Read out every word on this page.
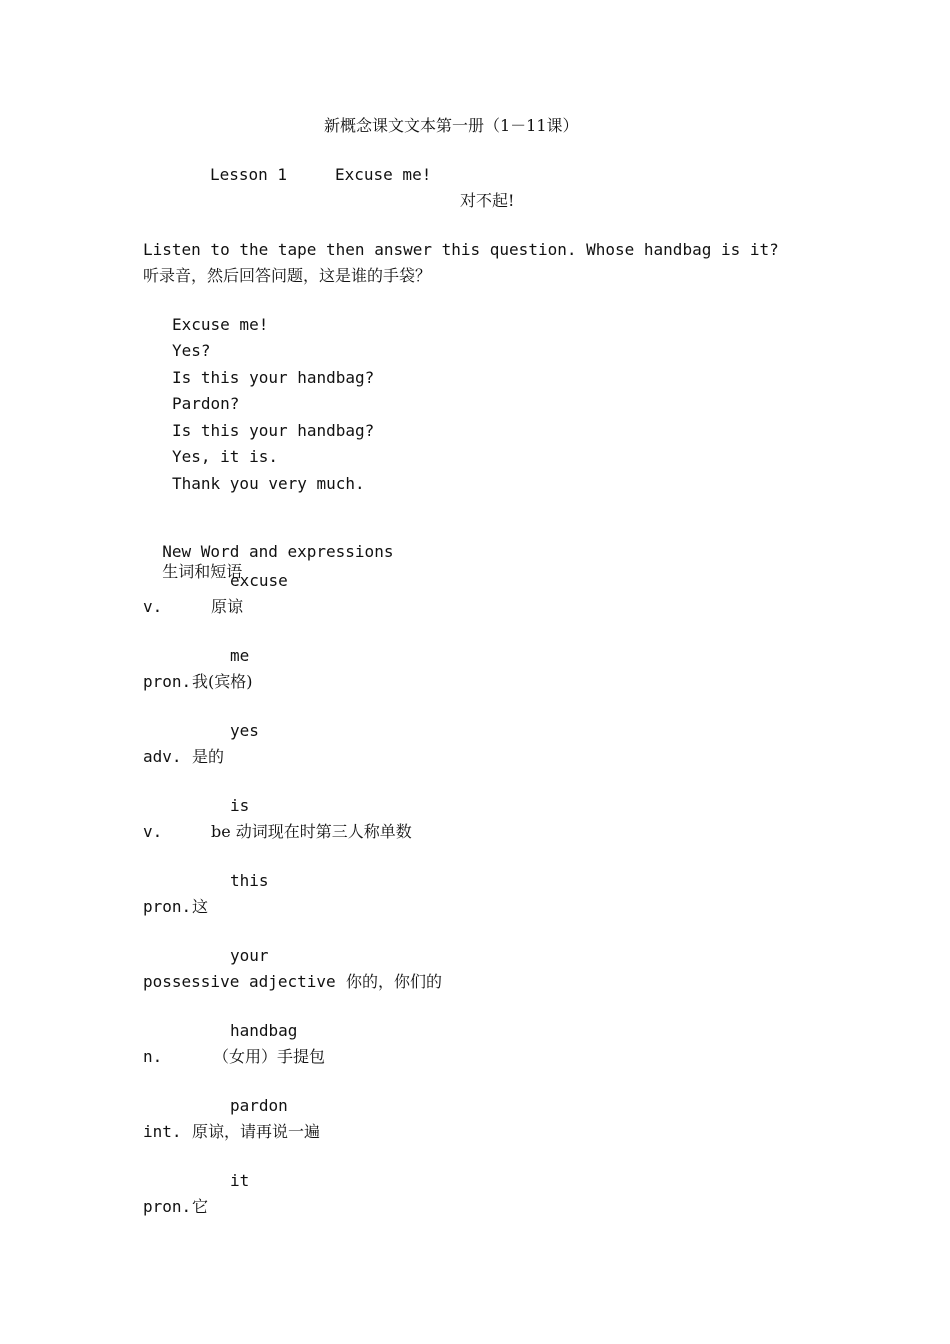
新概念课文文本第一册（1－11课）
Lesson 1	Excuse me!
对不起!
Listen to the tape then answer this question. Whose handbag is it?
听录音，然后回答问题，这是谁的手袋？
Excuse me!
Yes?
Is this your handbag?
Pardon?
Is this your handbag?
Yes, it is.
Thank you very much.

New Word and expressions
生词和短语

excuse
v.	原谅
me
pron. 我(宾格)
yes
adv. 是的
is
v.	be 动词现在时第三人称单数
this
pron. 这
your
possessive adjective 你的，你们的
handbag
n.	（女用）手提包
pardon
int. 原谅，请再说一遍
it
pron. 它
